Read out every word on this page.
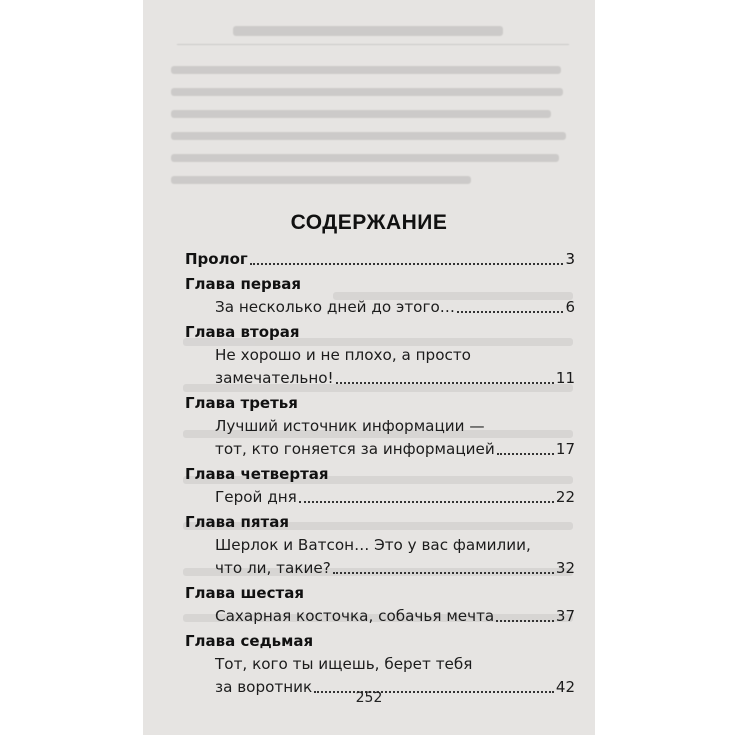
СОДЕРЖАНИЕ
Пролог	3
Глава первая
За несколько дней до этого…	6
Глава вторая
Не хорошо и не плохо, а просто
замечательно!	11
Глава третья
Лучший источник информации —
тот, кто гоняется за информацией	17
Глава четвертая
Герой дня	22
Глава пятая
Шерлок и Ватсон… Это у вас фамилии,
что ли, такие?	32
Глава шестая
Сахарная косточка, собачья мечта	37
Глава седьмая
Тот, кого ты ищешь, берет тебя
за воротник	42
252
